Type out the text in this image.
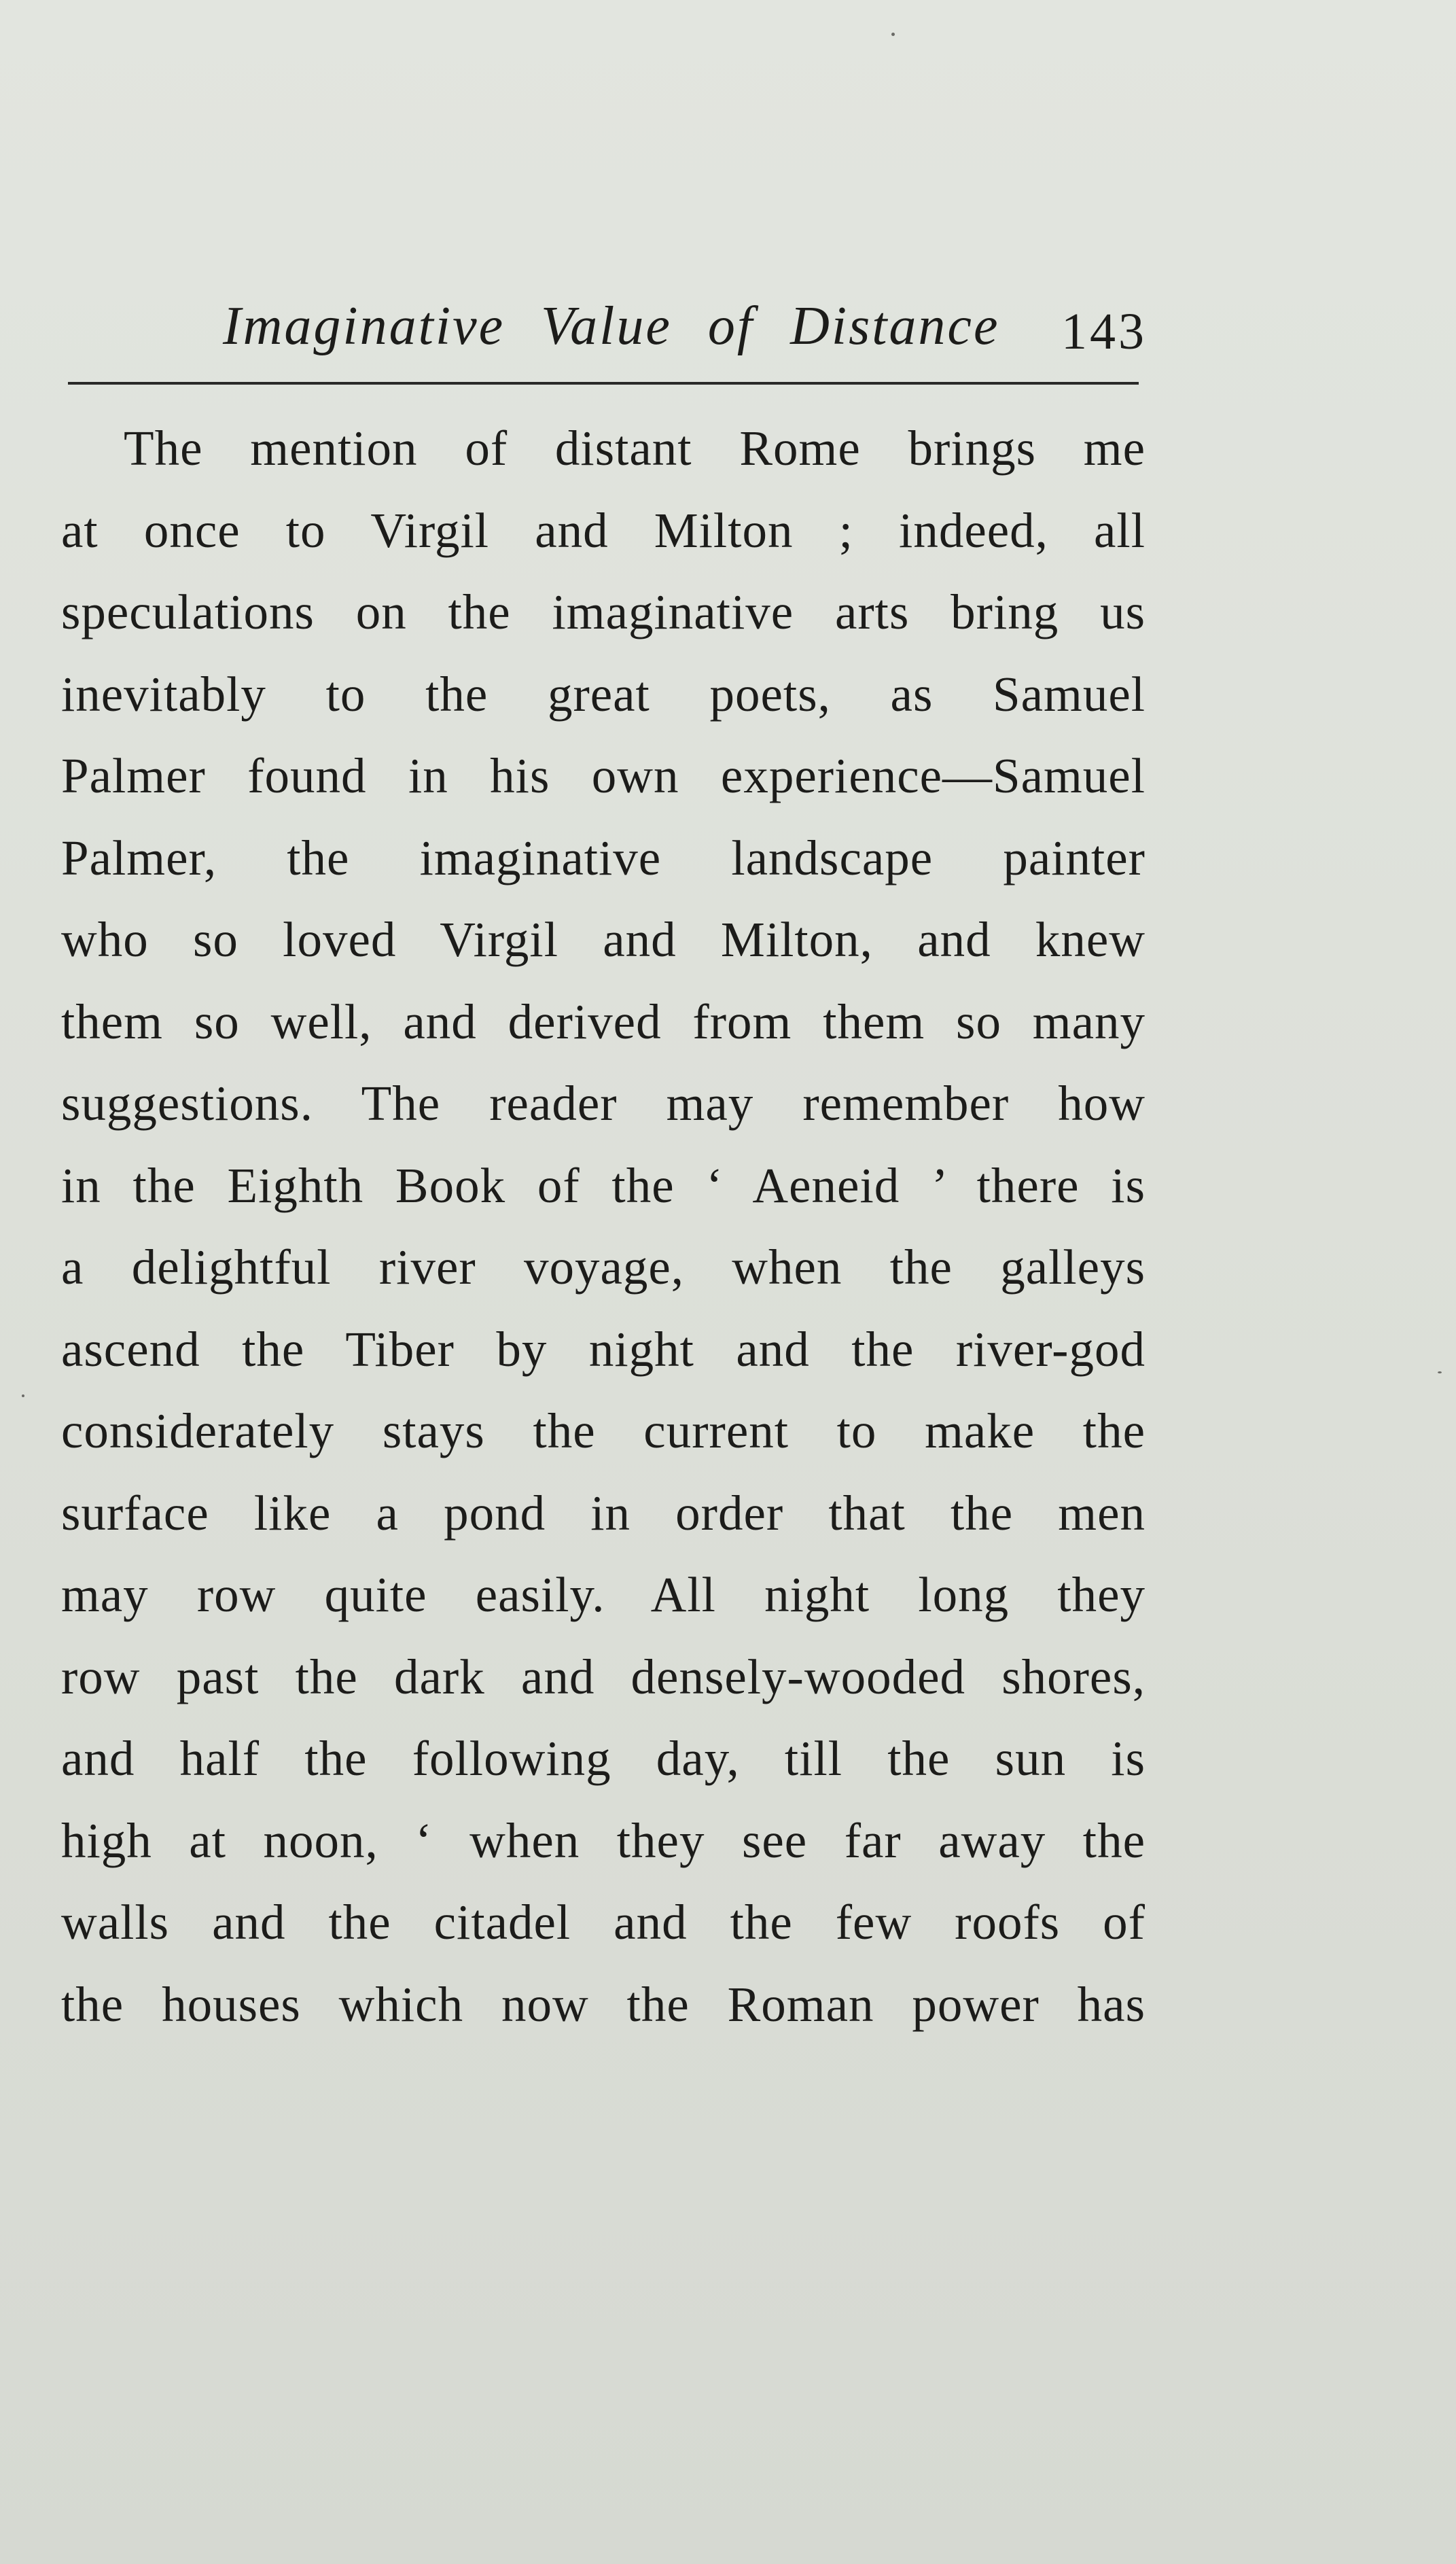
Imaginative Value of Distance 143
The mention of distant Rome brings me
at once to Virgil and Milton ; indeed, all
speculations on the imaginative arts bring us
inevitably to the great poets, as Samuel
Palmer found in his own experience—Samuel
Palmer, the imaginative landscape painter
who so loved Virgil and Milton, and knew
them so well, and derived from them so many
suggestions. The reader may remember how
in the Eighth Book of the ‘ Aeneid ’ there is
a delightful river voyage, when the galleys
ascend the Tiber by night and the river-god
considerately stays the current to make the
surface like a pond in order that the men
may row quite easily. All night long they
row past the dark and densely-wooded shores,
and half the following day, till the sun is
high at noon, ‘ when they see far away the
walls and the citadel and the few roofs of
the houses which now the Roman power has
